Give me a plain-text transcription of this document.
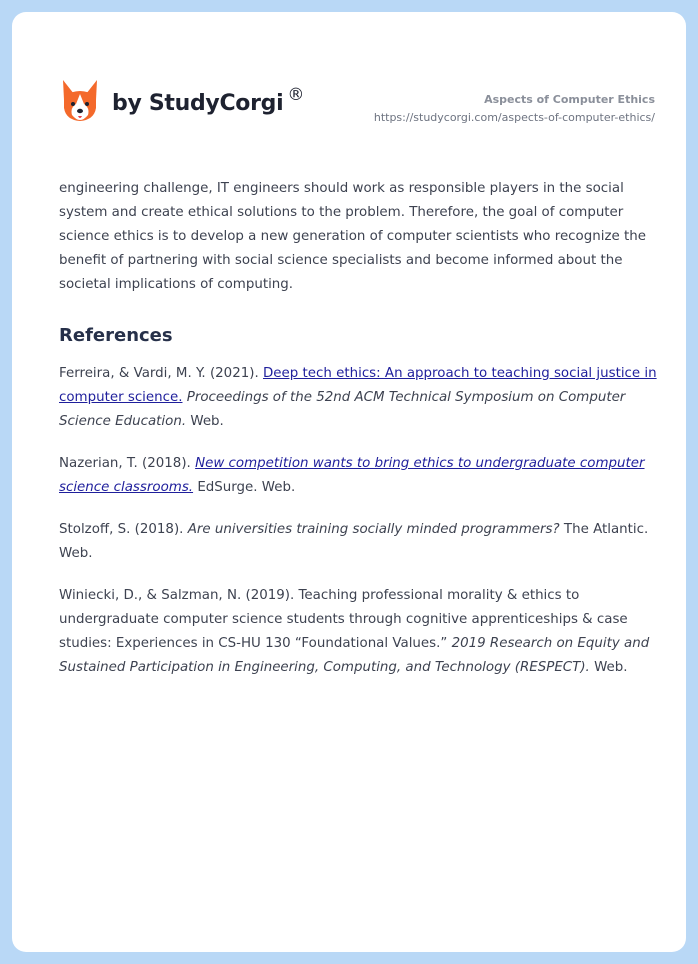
by StudyCorgi ®	Aspects of Computer Ethics
https://studycorgi.com/aspects-of-computer-ethics/

engineering challenge, IT engineers should work as responsible players in the social system and create ethical solutions to the problem. Therefore, the goal of computer science ethics is to develop a new generation of computer scientists who recognize the benefit of partnering with social science specialists and become informed about the societal implications of computing.

References

Ferreira, & Vardi, M. Y. (2021). Deep tech ethics: An approach to teaching social justice in computer science. Proceedings of the 52nd ACM Technical Symposium on Computer Science Education. Web.

Nazerian, T. (2018). New competition wants to bring ethics to undergraduate computer science classrooms. EdSurge. Web.

Stolzoff, S. (2018). Are universities training socially minded programmers? The Atlantic. Web.

Winiecki, D., & Salzman, N. (2019). Teaching professional morality & ethics to undergraduate computer science students through cognitive apprenticeships & case studies: Experiences in CS-HU 130 “Foundational Values.” 2019 Research on Equity and Sustained Participation in Engineering, Computing, and Technology (RESPECT). Web.
